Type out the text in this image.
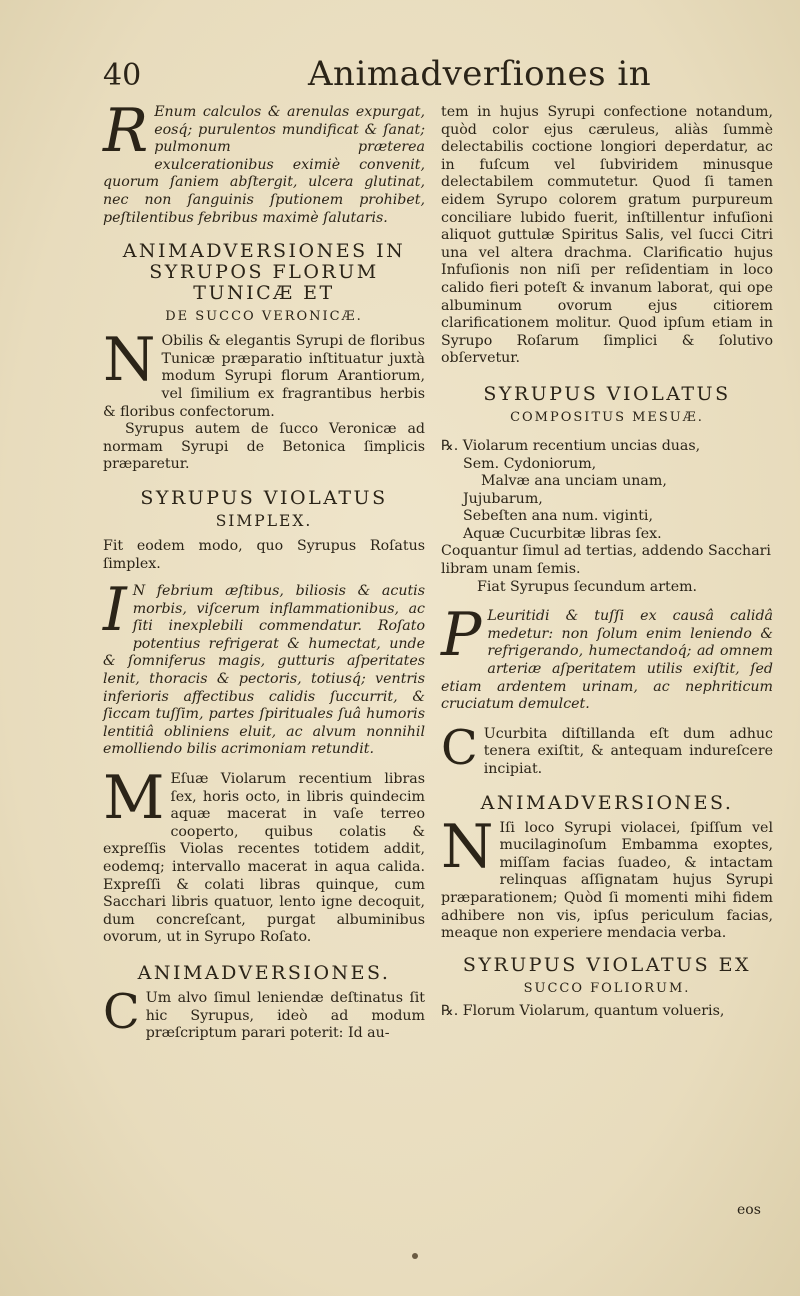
40	Animadverſiones in

R Enum calculos & arenulas expurgat, eosq́; purulentos mundificat & ſanat; pulmonum præterea exulcerationibus eximiè convenit, quorum ſaniem abſtergit, ulcera glutinat, nec non ſanguinis ſputionem prohibet, peſtilentibus febribus maximè ſalutaris.

ANIMADVERSIONES IN SYRUPOS FLORUM TUNICÆ ET
DE SUCCO VERONICÆ.

N Obilis & elegantis Syrupi de floribus Tunicæ præparatio inſtituatur juxtà modum Syrupi florum Arantiorum, vel ſimilium ex fragrantibus herbis & floribus confectorum.

Syrupus autem de ſucco Veronicæ ad normam Syrupi de Betonica ſimplicis præparetur.

SYRUPUS VIOLATUS
SIMPLEX.

Fit eodem modo, quo Syrupus Roſatus ſimplex.

I N febrium æſtibus, biliosis & acutis morbis, viſcerum inflammationibus, ac ſiti inexplebili commendatur. Roſato potentius refrigerat & humectat, unde & ſomniferus magis, gutturis aſperitates lenit, thoracis & pectoris, totiusq́; ventris inferioris affectibus calidis ſuccurrit, & ſiccam tuſſim, partes ſpirituales ſuâ humoris lentitiâ obliniens eluit, ac alvum nonnihil emolliendo bilis acrimoniam retundit.

M Eſuæ Violarum recentium libras ſex, horis octo, in libris quindecim aquæ macerat in vaſe terreo cooperto, quibus colatis & expreſſis Violas recentes totidem addit, eodemq; intervallo macerat in aqua calida. Expreſſi & colati libras quinque, cum Sacchari libris quatuor, lento igne decoquit, dum concreſcant, purgat albuminibus ovorum, ut in Syrupo Roſato.

ANIMADVERSIONES.

C Um alvo ſimul leniendæ deſtinatus ſit hic Syrupus, ideò ad modum præſcriptum parari poterit: Id au-

tem in hujus Syrupi confectione notandum, quòd color ejus cæruleus, aliàs ſummè delectabilis coctione longiori deperdatur, ac in fuſcum vel ſubviridem minusque delectabilem commutetur. Quod ſi tamen eidem Syrupo colorem gratum purpureum conciliare lubido fuerit, inſtillentur infuſioni aliquot guttulæ Spiritus Salis, vel ſucci Citri una vel altera drachma. Clarificatio hujus Infuſionis non niſi per reſidentiam in loco calido fieri poteſt & invanum laborat, qui ope albuminum ovorum ejus citiorem clarificationem molitur. Quod ipſum etiam in Syrupo Roſarum ſimplici & ſolutivo obſervetur.

SYRUPUS VIOLATUS
COMPOSITUS MESUÆ.

℞. Violarum recentium uncias duas,

Sem. Cydoniorum,

Malvæ ana unciam unam,

Jujubarum,

Sebeſten ana num. viginti,

Aquæ Cucurbitæ libras ſex.

Coquantur ſimul ad tertias, addendo Sacchari libram unam ſemis.

Fiat Syrupus ſecundum artem.

P Leuritidi & tuſſi ex causâ calidâ medetur: non ſolum enim leniendo & refrigerando, humectandoq́; ad omnem arteriæ aſperitatem utilis exiſtit, ſed etiam ardentem urinam, ac nephriticum cruciatum demulcet.

C Ucurbita diſtillanda eſt dum adhuc tenera exiſtit, & antequam indureſcere incipiat.

ANIMADVERSIONES.

N Iſi loco Syrupi violacei, ſpiſſum vel mucilaginoſum Embamma exoptes, miſſam facias ſuadeo, & intactam relinquas aſſignatam hujus Syrupi præparationem; Quòd ſi momenti mihi fidem adhibere non vis, ipſus periculum facias, meaque non experiere mendacia verba.

SYRUPUS VIOLATUS EX
SUCCO FOLIORUM.

℞. Florum Violarum, quantum volueris,

eos
